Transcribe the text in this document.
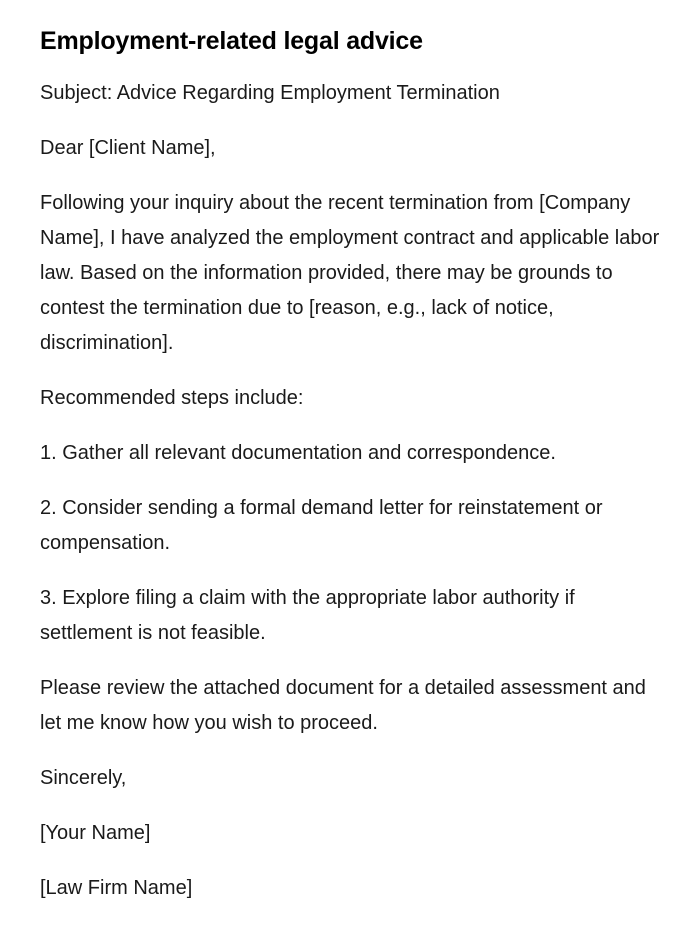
Employment-related legal advice

Subject: Advice Regarding Employment Termination

Dear [Client Name],

Following your inquiry about the recent termination from [Company Name], I have analyzed the employment contract and applicable labor law. Based on the information provided, there may be grounds to contest the termination due to [reason, e.g., lack of notice, discrimination].

Recommended steps include:

1. Gather all relevant documentation and correspondence.

2. Consider sending a formal demand letter for reinstatement or compensation.

3. Explore filing a claim with the appropriate labor authority if settlement is not feasible.

Please review the attached document for a detailed assessment and let me know how you wish to proceed.

Sincerely,

[Your Name]

[Law Firm Name]
